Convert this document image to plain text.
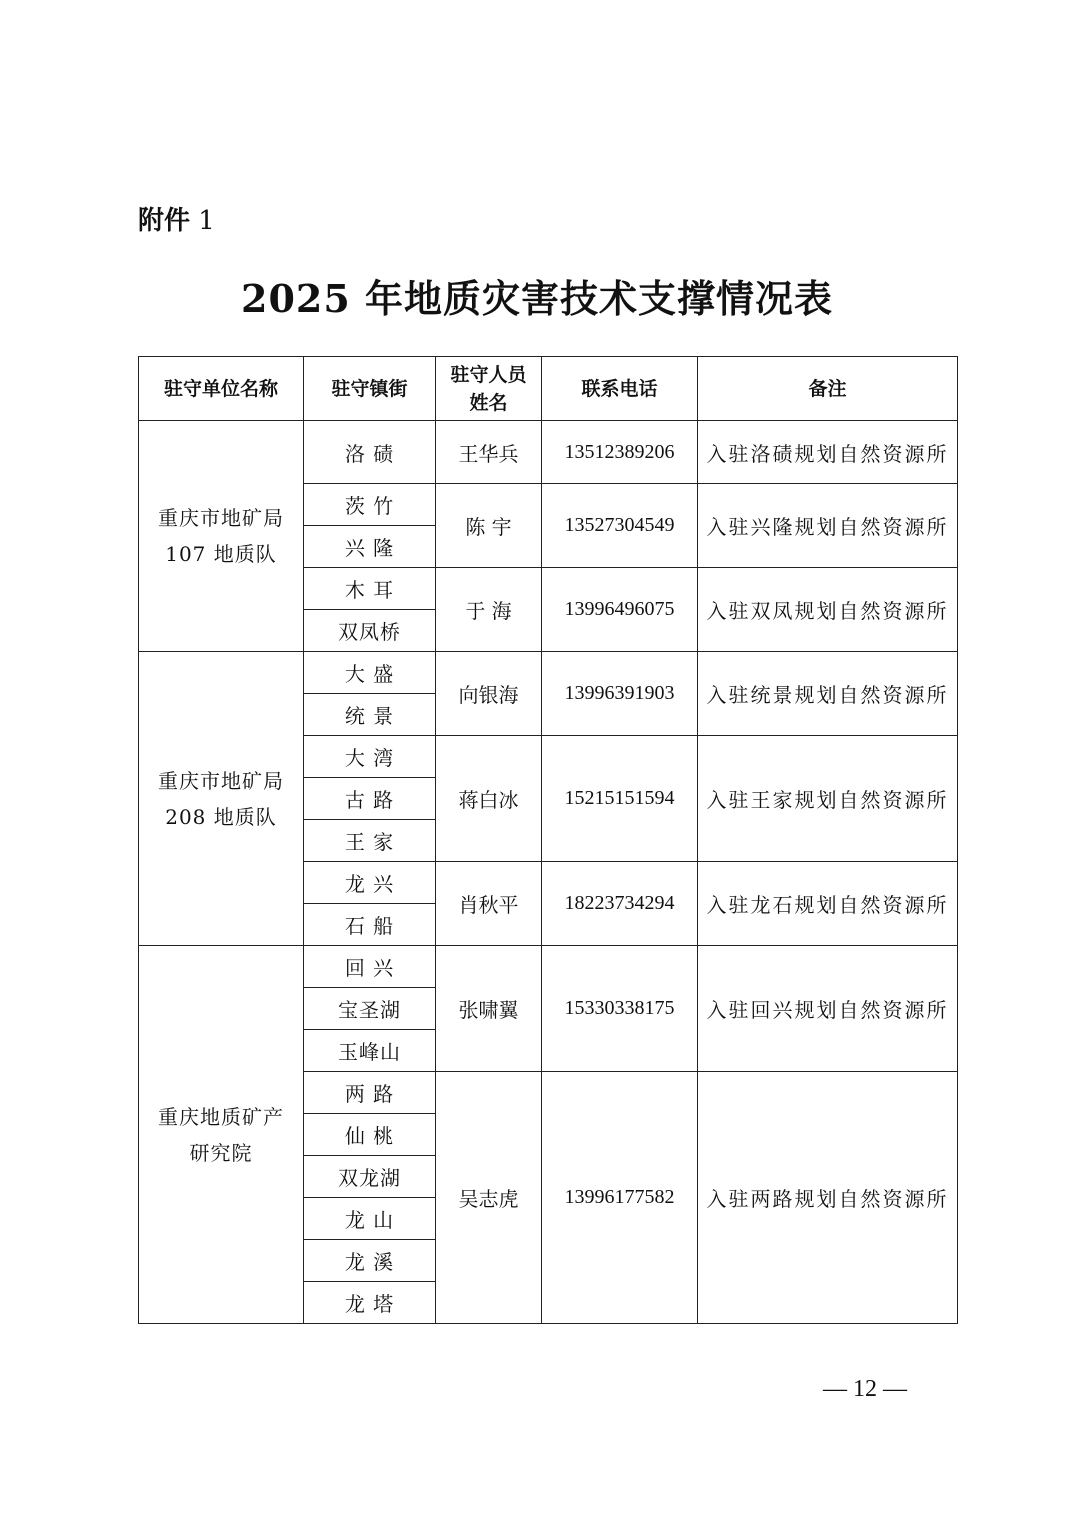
附件 1
2025 年地质灾害技术支撑情况表
驻守单位名称	驻守镇街	驻守人员姓名	联系电话	备注
重庆市地矿局107 地质队	洛 碛	王华兵	13512389206	入驻洛碛规划自然资源所
	茨 竹	陈 宇	13527304549	入驻兴隆规划自然资源所
	兴 隆			
	木 耳	于 海	13996496075	入驻双凤规划自然资源所
	双凤桥			
重庆市地矿局208 地质队	大 盛	向银海	13996391903	入驻统景规划自然资源所
	统 景			
	大 湾	蒋白冰	15215151594	入驻王家规划自然资源所
	古 路			
	王 家			
	龙 兴	肖秋平	18223734294	入驻龙石规划自然资源所
	石 船			
重庆地质矿产研究院	回 兴	张啸翼	15330338175	入驻回兴规划自然资源所
	宝圣湖			
	玉峰山			
	两 路	吴志虎	13996177582	入驻两路规划自然资源所
	仙 桃			
	双龙湖			
	龙 山			
	龙 溪			
	龙 塔			
— 12 —
